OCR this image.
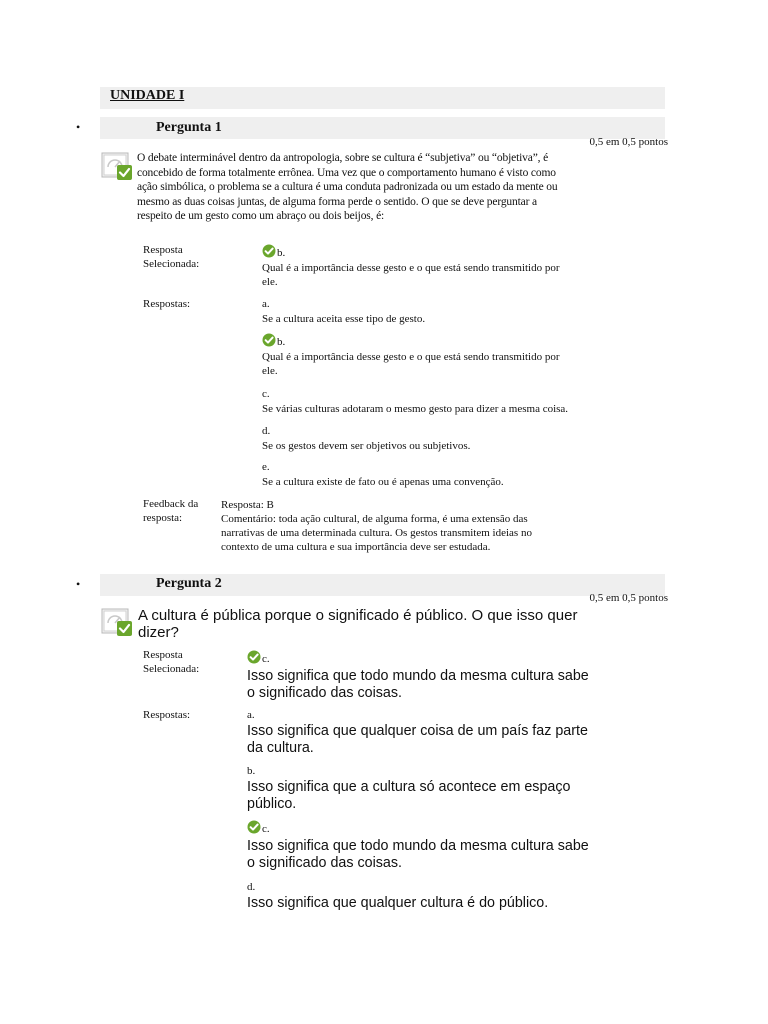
UNIDADE I
•	Pergunta 1
0,5 em 0,5 pontos
O debate interminável dentro da antropologia, sobre se cultura é “subjetiva” ou “objetiva”, é
concebido de forma totalmente errônea. Uma vez que o comportamento humano é visto como
ação simbólica, o problema se a cultura é uma conduta padronizada ou um estado da mente ou
mesmo as duas coisas juntas, de alguma forma perde o sentido. O que se deve perguntar a
respeito de um gesto como um abraço ou dois beijos, é:
Resposta
Selecionada:
b.
Qual é a importância desse gesto e o que está sendo transmitido por
ele.
Respostas:	a.
Se a cultura aceita esse tipo de gesto.
b.
Qual é a importância desse gesto e o que está sendo transmitido por
ele.
c.
Se várias culturas adotaram o mesmo gesto para dizer a mesma coisa.
d.
Se os gestos devem ser objetivos ou subjetivos.
e.
Se a cultura existe de fato ou é apenas uma convenção.
Feedback da
resposta:
Resposta: B
Comentário: toda ação cultural, de alguma forma, é uma extensão das
narrativas de uma determinada cultura. Os gestos transmitem ideias no
contexto de uma cultura e sua importância deve ser estudada.
•	Pergunta 2
0,5 em 0,5 pontos
A cultura é pública porque o significado é público. O que isso quer
dizer?
Resposta
Selecionada:
c.
Isso significa que todo mundo da mesma cultura sabe
o significado das coisas.
Respostas:	a.
Isso significa que qualquer coisa de um país faz parte
da cultura.
b.
Isso significa que a cultura só acontece em espaço
público.
c.
Isso significa que todo mundo da mesma cultura sabe
o significado das coisas.
d.
Isso significa que qualquer cultura é do público.
